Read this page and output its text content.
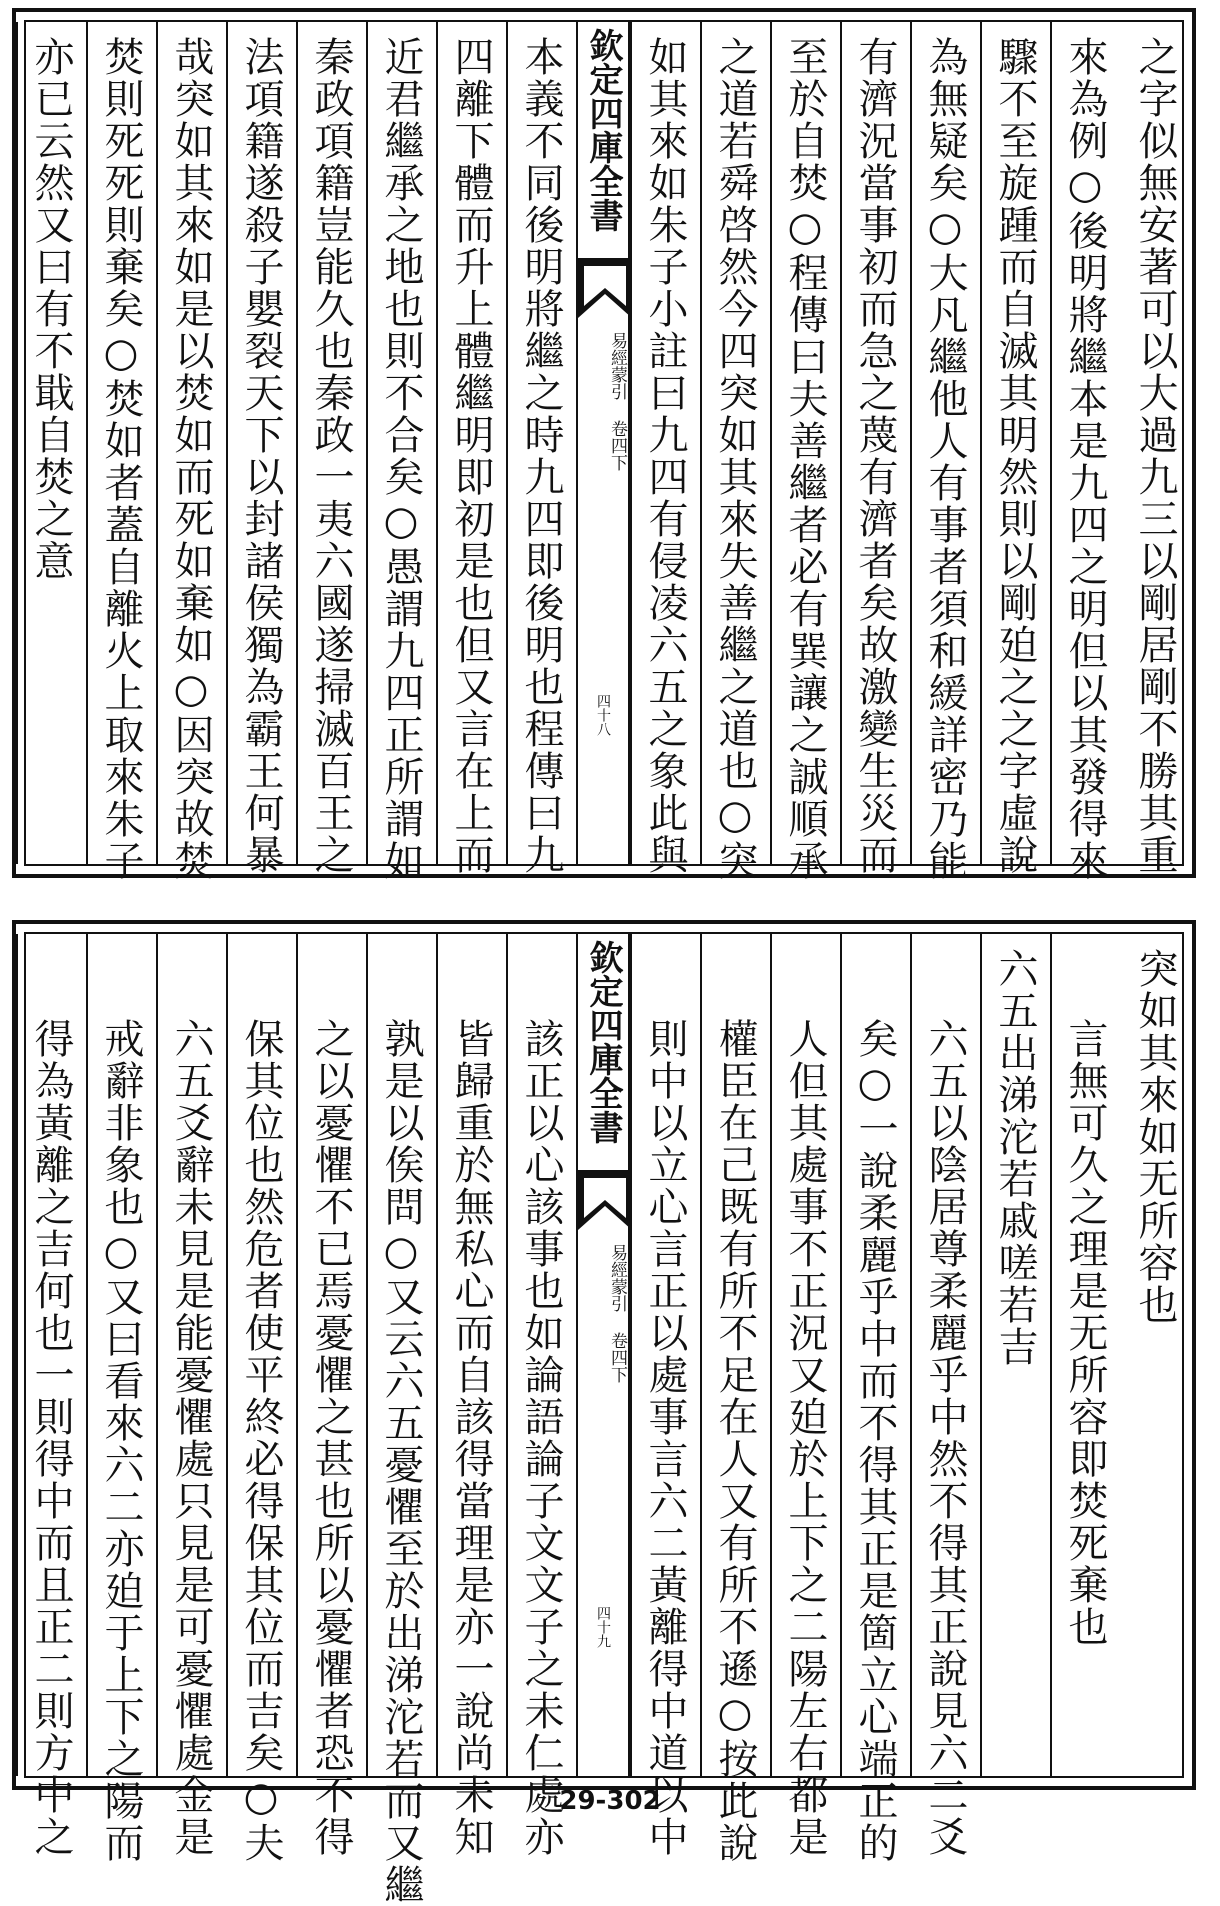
之字似無安著可以大過九三以剛居剛不勝其重
來為例○後明將繼本是九四之明但以其發得來
驟不至旋踵而自滅其明然則以剛廹之之字虛說
為無疑矣○大凡繼他人有事者須和緩詳密乃能
有濟況當事初而急之蔑有濟者矣故激變生災而
至於自焚○程傳曰夫善繼者必有巽讓之誠順承
之道若舜啓然今四突如其來失善繼之道也○突
如其來如朱子小註曰九四有侵凌六五之象此與
欽定四庫全書
易經蒙引 卷四下
四十八
本義不同後明將繼之時九四即後明也程傳曰九
四離下體而升上體繼明即初是也但又言在上而
近君繼承之地也則不合矣○愚謂九四正所謂如
秦政項籍豈能久也秦政一夷六國遂掃滅百王之
法項籍遂殺子嬰裂天下以封諸侯獨為霸王何暴
哉突如其來如是以焚如而死如棄如○因突故焚
焚則死死則棄矣○焚如者蓋自離火上取來朱子
亦已云然又曰有不戢自焚之意
突如其來如无所容也
言無可久之理是无所容即焚死棄也
六五出涕沱若戚嗟若吉
六五以陰居尊柔麗乎中然不得其正說見六二爻
矣○一說柔麗乎中而不得其正是箇立心端正的
人但其處事不正況又廹於上下之二陽左右都是
權臣在己既有所不足在人又有所不遜○按此說
則中以立心言正以處事言六二黃離得中道以中
欽定四庫全書
易經蒙引 卷四下
四十九
該正以心該事也如論語論子文文子之未仁處亦
皆歸重於無私心而自該得當理是亦一說尚未知
孰是以俟問○又云六五憂懼至於出涕沱若而又繼
之以憂懼不已焉憂懼之甚也所以憂懼者恐不得
保其位也然危者使平終必得保其位而吉矣○夫
六五爻辭未見是能憂懼處只見是可憂懼處金是
戒辭非象也○又曰看來六二亦廹于上下之陽而
得為黃離之吉何也一則得中而且正二則方中之	29-302
